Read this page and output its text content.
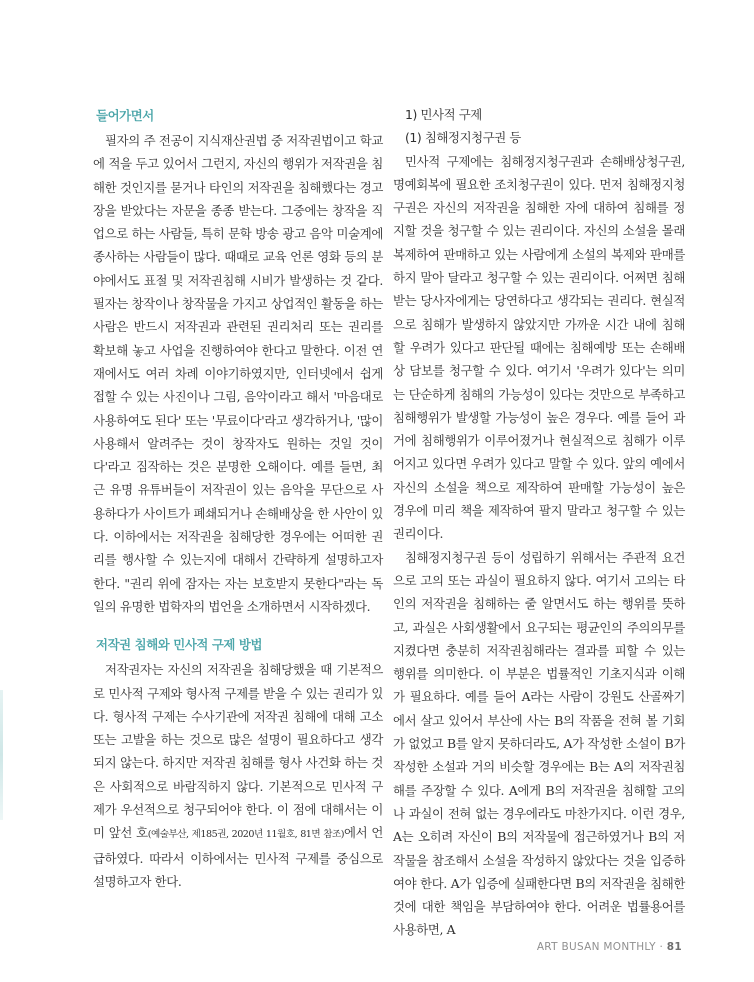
들어가면서

필자의 주 전공이 지식재산권법 중 저작권법이고 학교에 적을 두고 있어서 그런지, 자신의 행위가 저작권을 침해한 것인지를 묻거나 타인의 저작권을 침해했다는 경고장을 받았다는 자문을 종종 받는다. 그중에는 창작을 직업으로 하는 사람들, 특히 문학 방송 광고 음악 미술계에 종사하는 사람들이 많다. 때때로 교육 언론 영화 등의 분야에서도 표절 및 저작권침해 시비가 발생하는 것 같다. 필자는 창작이나 창작물을 가지고 상업적인 활동을 하는 사람은 반드시 저작권과 관련된 권리처리 또는 권리를 확보해 놓고 사업을 진행하여야 한다고 말한다. 이전 연재에서도 여러 차례 이야기하였지만, 인터넷에서 쉽게 접할 수 있는 사진이나 그림, 음악이라고 해서 '마음대로 사용하여도 된다' 또는 '무료이다'라고 생각하거나, '많이 사용해서 알려주는 것이 창작자도 원하는 것일 것이다'라고 짐작하는 것은 분명한 오해이다. 예를 들면, 최근 유명 유튜버들이 저작권이 있는 음악을 무단으로 사용하다가 사이트가 폐쇄되거나 손해배상을 한 사안이 있다. 이하에서는 저작권을 침해당한 경우에는 어떠한 권리를 행사할 수 있는지에 대해서 간략하게 설명하고자 한다. "권리 위에 잠자는 자는 보호받지 못한다"라는 독일의 유명한 법학자의 법언을 소개하면서 시작하겠다.

저작권 침해와 민사적 구제 방법

저작권자는 자신의 저작권을 침해당했을 때 기본적으로 민사적 구제와 형사적 구제를 받을 수 있는 권리가 있다. 형사적 구제는 수사기관에 저작권 침해에 대해 고소 또는 고발을 하는 것으로 많은 설명이 필요하다고 생각되지 않는다. 하지만 저작권 침해를 형사 사건화 하는 것은 사회적으로 바람직하지 않다. 기본적으로 민사적 구제가 우선적으로 청구되어야 한다. 이 점에 대해서는 이미 앞선 호(예술부산, 제185권, 2020년 11월호, 81면 참조)에서 언급하였다. 따라서 이하에서는 민사적 구제를 중심으로 설명하고자 한다.

1) 민사적 구제
(1) 침해정지청구권 등

민사적 구제에는 침해정지청구권과 손해배상청구권, 명예회복에 필요한 조치청구권이 있다. 먼저 침해정지청구권은 자신의 저작권을 침해한 자에 대하여 침해를 정지할 것을 청구할 수 있는 권리이다. 자신의 소설을 몰래 복제하여 판매하고 있는 사람에게 소설의 복제와 판매를 하지 말아 달라고 청구할 수 있는 권리이다. 어쩌면 침해받는 당사자에게는 당연하다고 생각되는 권리다. 현실적으로 침해가 발생하지 않았지만 가까운 시간 내에 침해할 우려가 있다고 판단될 때에는 침해예방 또는 손해배상 담보를 청구할 수 있다. 여기서 '우려가 있다'는 의미는 단순하게 침해의 가능성이 있다는 것만으로 부족하고 침해행위가 발생할 가능성이 높은 경우다. 예를 들어 과거에 침해행위가 이루어졌거나 현실적으로 침해가 이루어지고 있다면 우려가 있다고 말할 수 있다. 앞의 예에서 자신의 소설을 책으로 제작하여 판매할 가능성이 높은 경우에 미리 책을 제작하여 팔지 말라고 청구할 수 있는 권리이다.

침해정지청구권 등이 성립하기 위해서는 주관적 요건으로 고의 또는 과실이 필요하지 않다. 여기서 고의는 타인의 저작권을 침해하는 줄 알면서도 하는 행위를 뜻하고, 과실은 사회생활에서 요구되는 평균인의 주의의무를 지켰다면 충분히 저작권침해라는 결과를 피할 수 있는 행위를 의미한다. 이 부분은 법률적인 기초지식과 이해가 필요하다. 예를 들어 A라는 사람이 강원도 산골짜기에서 살고 있어서 부산에 사는 B의 작품을 전혀 볼 기회가 없었고 B를 알지 못하더라도, A가 작성한 소설이 B가 작성한 소설과 거의 비슷할 경우에는 B는 A의 저작권침해를 주장할 수 있다. A에게 B의 저작권을 침해할 고의나 과실이 전혀 없는 경우에라도 마찬가지다. 이런 경우, A는 오히려 자신이 B의 저작물에 접근하였거나 B의 저작물을 참조해서 소설을 작성하지 않았다는 것을 입증하여야 한다. A가 입증에 실패한다면 B의 저작권을 침해한 것에 대한 책임을 부담하여야 한다. 어려운 법률용어를 사용하면, A

ART BUSAN MONTHLY · 81
